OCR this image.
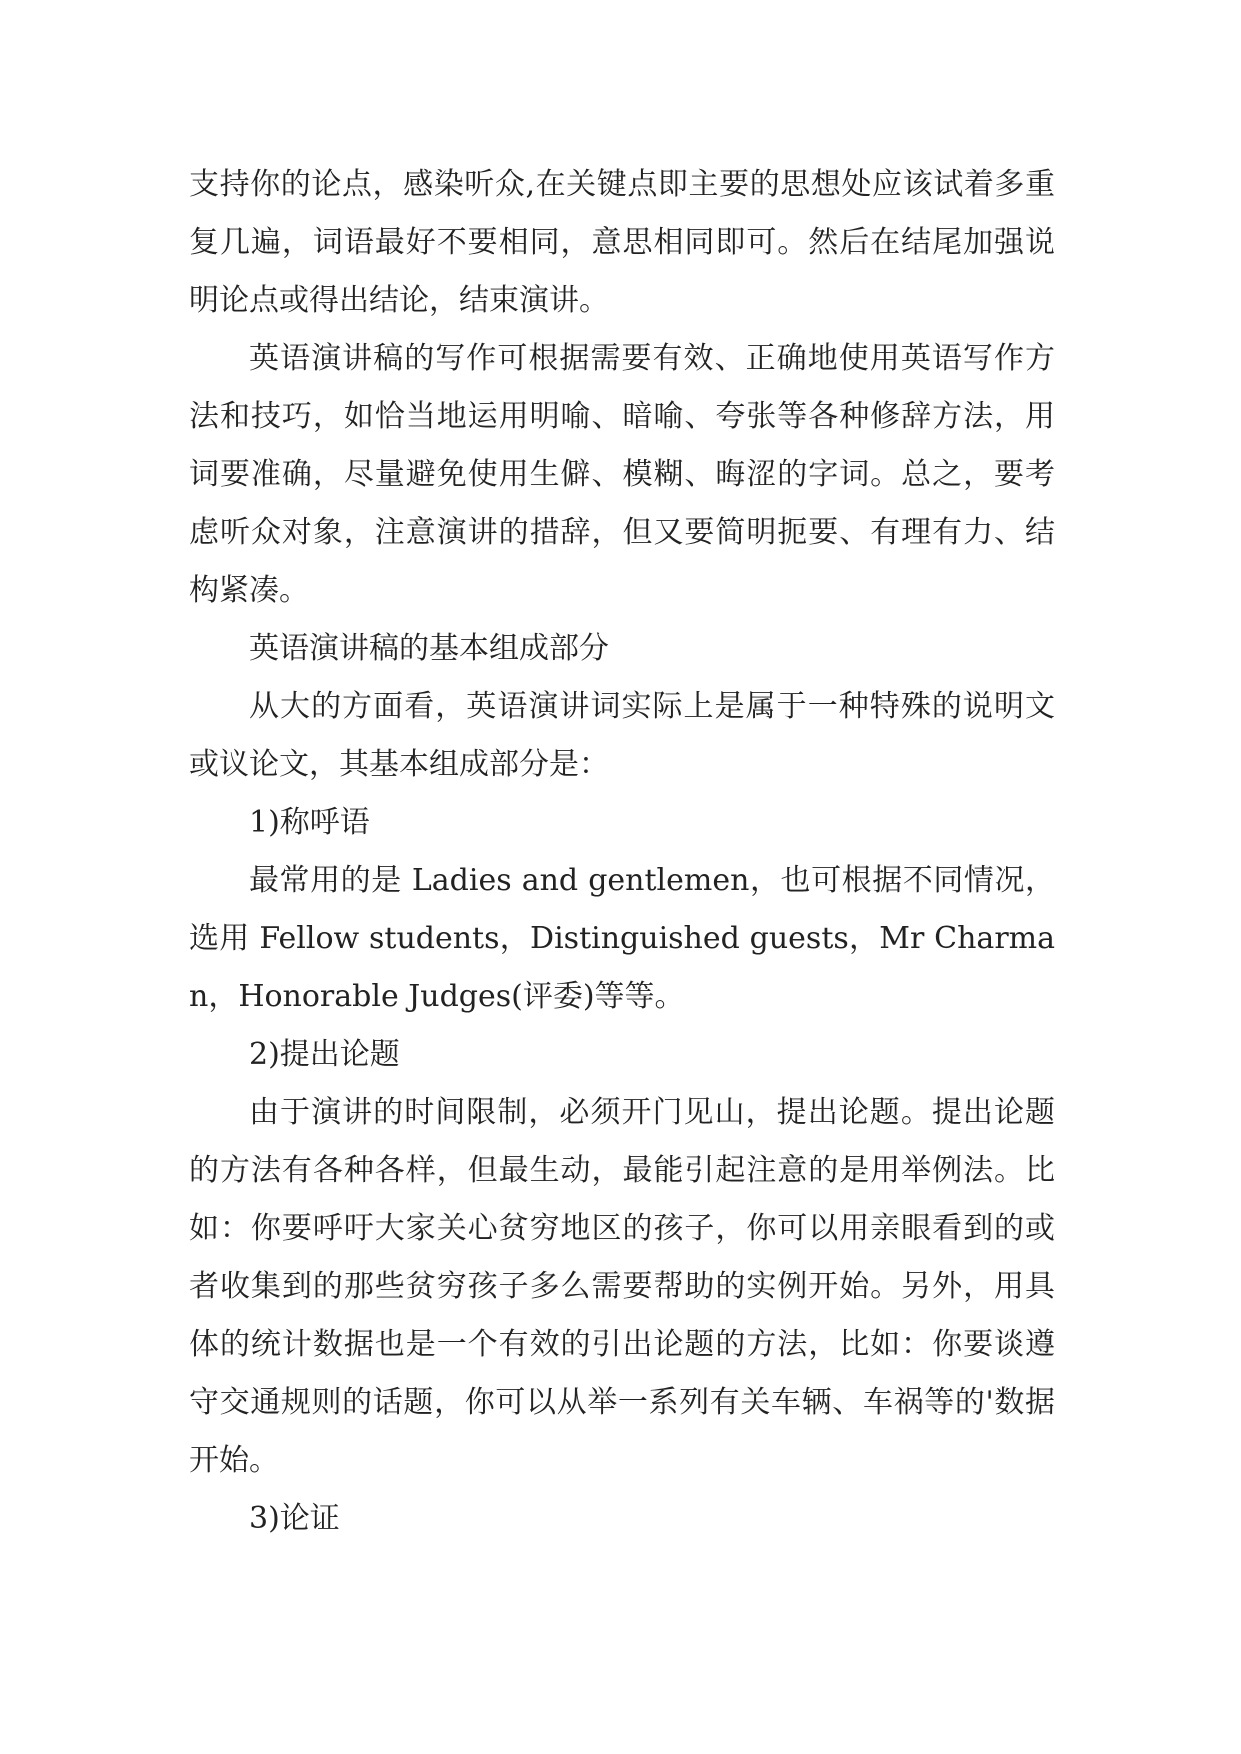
支持你的论点，感染听众,在关键点即主要的思想处应该试着多重复几遍，词语最好不要相同，意思相同即可。然后在结尾加强说明论点或得出结论，结束演讲。

英语演讲稿的写作可根据需要有效、正确地使用英语写作方法和技巧，如恰当地运用明喻、暗喻、夸张等各种修辞方法，用词要准确，尽量避免使用生僻、模糊、晦涩的字词。总之，要考虑听众对象，注意演讲的措辞，但又要简明扼要、有理有力、结构紧凑。

英语演讲稿的基本组成部分

从大的方面看，英语演讲词实际上是属于一种特殊的说明文或议论文，其基本组成部分是：

1)称呼语

最常用的是 Ladies and gentlemen，也可根据不同情况，选用 Fellow students，Distinguished guests，Mr Charman，Honorable Judges(评委)等等。

2)提出论题

由于演讲的时间限制，必须开门见山，提出论题。提出论题的方法有各种各样，但最生动，最能引起注意的是用举例法。比如：你要呼吁大家关心贫穷地区的孩子，你可以用亲眼看到的或者收集到的那些贫穷孩子多么需要帮助的实例开始。另外，用具体的统计数据也是一个有效的引出论题的方法，比如：你要谈遵守交通规则的话题，你可以从举一系列有关车辆、车祸等的'数据开始。

3)论证
